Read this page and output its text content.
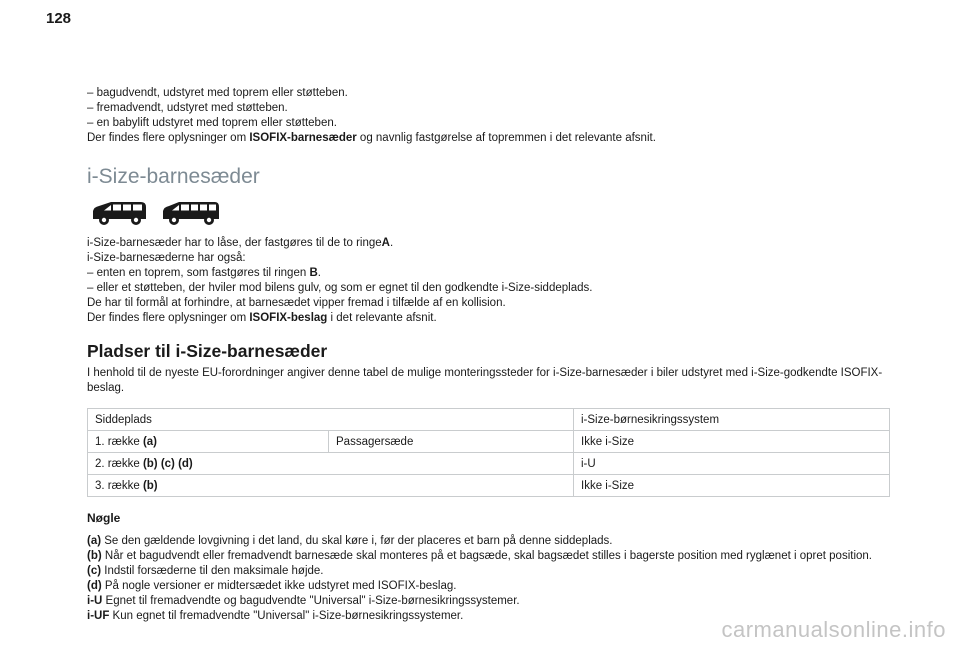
128

– bagudvendt, udstyret med toprem eller støtteben.

– fremadvendt, udstyret med støtteben.

– en babylift udstyret med toprem eller støtteben.

Der findes flere oplysninger om ISOFIX-barnesæder og navnlig fastgørelse af topremmen i det relevante afsnit.

i-Size-barnesæder

i-Size-barnesæder har to låse, der fastgøres til de to ringeA.

i-Size-barnesæderne har også:

– enten en toprem, som fastgøres til ringen B.

– eller et støtteben, der hviler mod bilens gulv, og som er egnet til den godkendte i-Size-siddeplads.

De har til formål at forhindre, at barnesædet vipper fremad i tilfælde af en kollision.

Der findes flere oplysninger om ISOFIX-beslag i det relevante afsnit.

Pladser til i-Size-barnesæder

I henhold til de nyeste EU-forordninger angiver denne tabel de mulige monteringssteder for i-Size-barnesæder i biler udstyret med i-Size-godkendte ISOFIX-beslag.

Siddeplads		i-Size-børnesikringssystem
1. række (a)	Passagersæde	Ikke i-Size
2. række (b) (c) (d)		i-U
3. række (b)		Ikke i-Size
Nøgle

(a) Se den gældende lovgivning i det land, du skal køre i, før der placeres et barn på denne siddeplads.

(b) Når et bagudvendt eller fremadvendt barnesæde skal monteres på et bagsæde, skal bagsædet stilles i bagerste position med ryglænet i opret position.

(c) Indstil forsæderne til den maksimale højde.

(d) På nogle versioner er midtersædet ikke udstyret med ISOFIX-beslag.

i-U Egnet til fremadvendte og bagudvendte "Universal" i-Size-børnesikringssystemer.

i-UF Kun egnet til fremadvendte "Universal" i-Size-børnesikringssystemer.

carmanualsonline.info
